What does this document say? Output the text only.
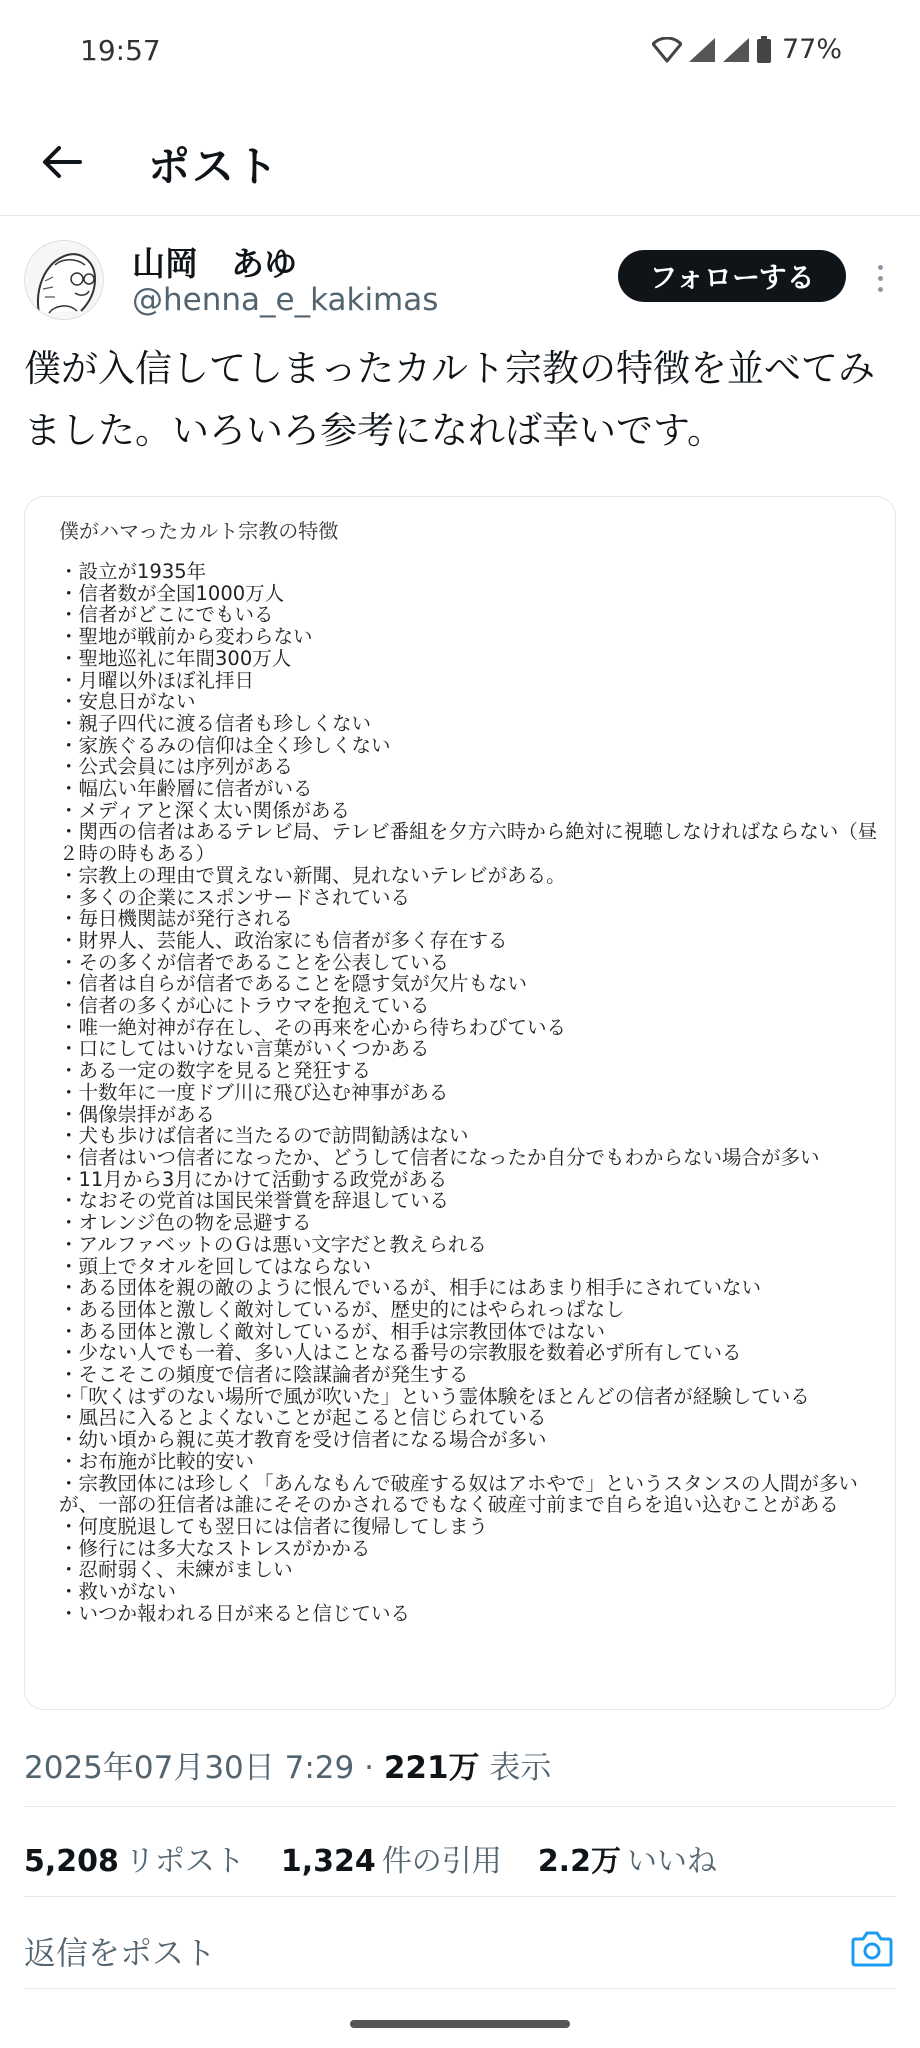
19:57	77%
ポスト
山岡　あゆ
@henna_e_kakimas
フォローする
僕が入信してしまったカルト宗教の特徴を並べてみました。いろいろ参考になれば幸いです。
僕がハマったカルト宗教の特徴
・設立が1935年
・信者数が全国1000万人
・信者がどこにでもいる
・聖地が戦前から変わらない
・聖地巡礼に年間300万人
・月曜以外ほぼ礼拝日
・安息日がない
・親子四代に渡る信者も珍しくない
・家族ぐるみの信仰は全く珍しくない
・公式会員には序列がある
・幅広い年齢層に信者がいる
・メディアと深く太い関係がある
・関西の信者はあるテレビ局、テレビ番組を夕方六時から絶対に視聴しなければならない（昼２時の時もある）
・宗教上の理由で買えない新聞、見れないテレビがある。
・多くの企業にスポンサードされている
・毎日機関誌が発行される
・財界人、芸能人、政治家にも信者が多く存在する
・その多くが信者であることを公表している
・信者は自らが信者であることを隠す気が欠片もない
・信者の多くが心にトラウマを抱えている
・唯一絶対神が存在し、その再来を心から待ちわびている
・口にしてはいけない言葉がいくつかある
・ある一定の数字を見ると発狂する
・十数年に一度ドブ川に飛び込む神事がある
・偶像崇拝がある
・犬も歩けば信者に当たるので訪問勧誘はない
・信者はいつ信者になったか、どうして信者になったか自分でもわからない場合が多い
・11月から3月にかけて活動する政党がある
・なおその党首は国民栄誉賞を辞退している
・オレンジ色の物を忌避する
・アルファベットのＧは悪い文字だと教えられる
・頭上でタオルを回してはならない
・ある団体を親の敵のように恨んでいるが、相手にはあまり相手にされていない
・ある団体と激しく敵対しているが、歴史的にはやられっぱなし
・ある団体と激しく敵対しているが、相手は宗教団体ではない
・少ない人でも一着、多い人はことなる番号の宗教服を数着必ず所有している
・そこそこの頻度で信者に陰謀論者が発生する
・「吹くはずのない場所で風が吹いた」という霊体験をほとんどの信者が経験している
・風呂に入るとよくないことが起こると信じられている
・幼い頃から親に英才教育を受け信者になる場合が多い
・お布施が比較的安い
・宗教団体には珍しく「あんなもんで破産する奴はアホやで」というスタンスの人間が多いが、一部の狂信者は誰にそそのかされるでもなく破産寸前まで自らを追い込むことがある
・何度脱退しても翌日には信者に復帰してしまう
・修行には多大なストレスがかかる
・忍耐弱く、未練がましい
・救いがない
・いつか報われる日が来ると信じている
2025年07月30日 7:29 · 221万 表示
5,208 リポスト 1,324 件の引用 2.2万 いいね
返信をポスト
